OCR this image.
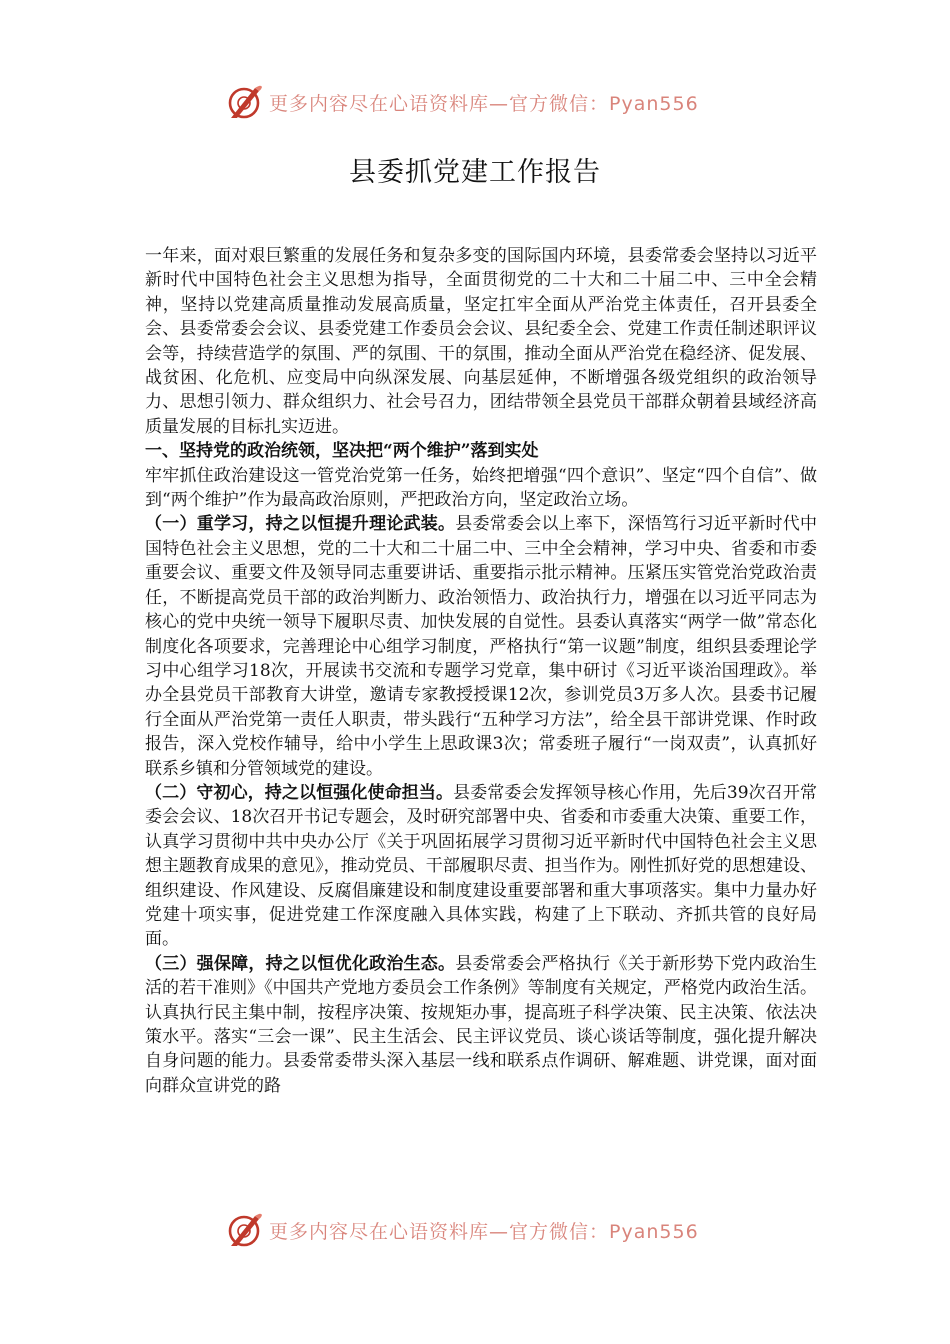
更多内容尽在心语资料库—官方微信：Pyan556
县委抓党建工作报告

一年来，面对艰巨繁重的发展任务和复杂多变的国际国内环境，县委常委会坚持以习近平新时代中国特色社会主义思想为指导，全面贯彻党的二十大和二十届二中、三中全会精神，坚持以党建高质量推动发展高质量，坚定扛牢全面从严治党主体责任，召开县委全会、县委常委会会议、县委党建工作委员会会议、县纪委全会、党建工作责任制述职评议会等，持续营造学的氛围、严的氛围、干的氛围，推动全面从严治党在稳经济、促发展、战贫困、化危机、应变局中向纵深发展、向基层延伸，不断增强各级党组织的政治领导力、思想引领力、群众组织力、社会号召力，团结带领全县党员干部群众朝着县域经济高质量发展的目标扎实迈进。

一、坚持党的政治统领，坚决把“两个维护”落到实处

牢牢抓住政治建设这一管党治党第一任务，始终把增强“四个意识”、坚定“四个自信”、做到“两个维护”作为最高政治原则，严把政治方向，坚定政治立场。

（一）重学习，持之以恒提升理论武装。县委常委会以上率下，深悟笃行习近平新时代中国特色社会主义思想，党的二十大和二十届二中、三中全会精神，学习中央、省委和市委重要会议、重要文件及领导同志重要讲话、重要指示批示精神。压紧压实管党治党政治责任，不断提高党员干部的政治判断力、政治领悟力、政治执行力，增强在以习近平同志为核心的党中央统一领导下履职尽责、加快发展的自觉性。县委认真落实“两学一做”常态化制度化各项要求，完善理论中心组学习制度，严格执行“第一议题”制度，组织县委理论学习中心组学习18次，开展读书交流和专题学习党章，集中研讨《习近平谈治国理政》。举办全县党员干部教育大讲堂，邀请专家教授授课12次，参训党员3万多人次。县委书记履行全面从严治党第一责任人职责，带头践行“五种学习方法”，给全县干部讲党课、作时政报告，深入党校作辅导，给中小学生上思政课3次；常委班子履行“一岗双责”，认真抓好联系乡镇和分管领域党的建设。

（二）守初心，持之以恒强化使命担当。县委常委会发挥领导核心作用，先后39次召开常委会会议、18次召开书记专题会，及时研究部署中央、省委和市委重大决策、重要工作，认真学习贯彻中共中央办公厅《关于巩固拓展学习贯彻习近平新时代中国特色社会主义思想主题教育成果的意见》，推动党员、干部履职尽责、担当作为。刚性抓好党的思想建设、组织建设、作风建设、反腐倡廉建设和制度建设重要部署和重大事项落实。集中力量办好党建十项实事，促进党建工作深度融入具体实践，构建了上下联动、齐抓共管的良好局面。

（三）强保障，持之以恒优化政治生态。县委常委会严格执行《关于新形势下党内政治生活的若干准则》《中国共产党地方委员会工作条例》等制度有关规定，严格党内政治生活。认真执行民主集中制，按程序决策、按规矩办事，提高班子科学决策、民主决策、依法决策水平。落实“三会一课”、民主生活会、民主评议党员、谈心谈话等制度，强化提升解决自身问题的能力。县委常委带头深入基层一线和联系点作调研、解难题、讲党课，面对面向群众宣讲党的路

更多内容尽在心语资料库—官方微信：Pyan556
